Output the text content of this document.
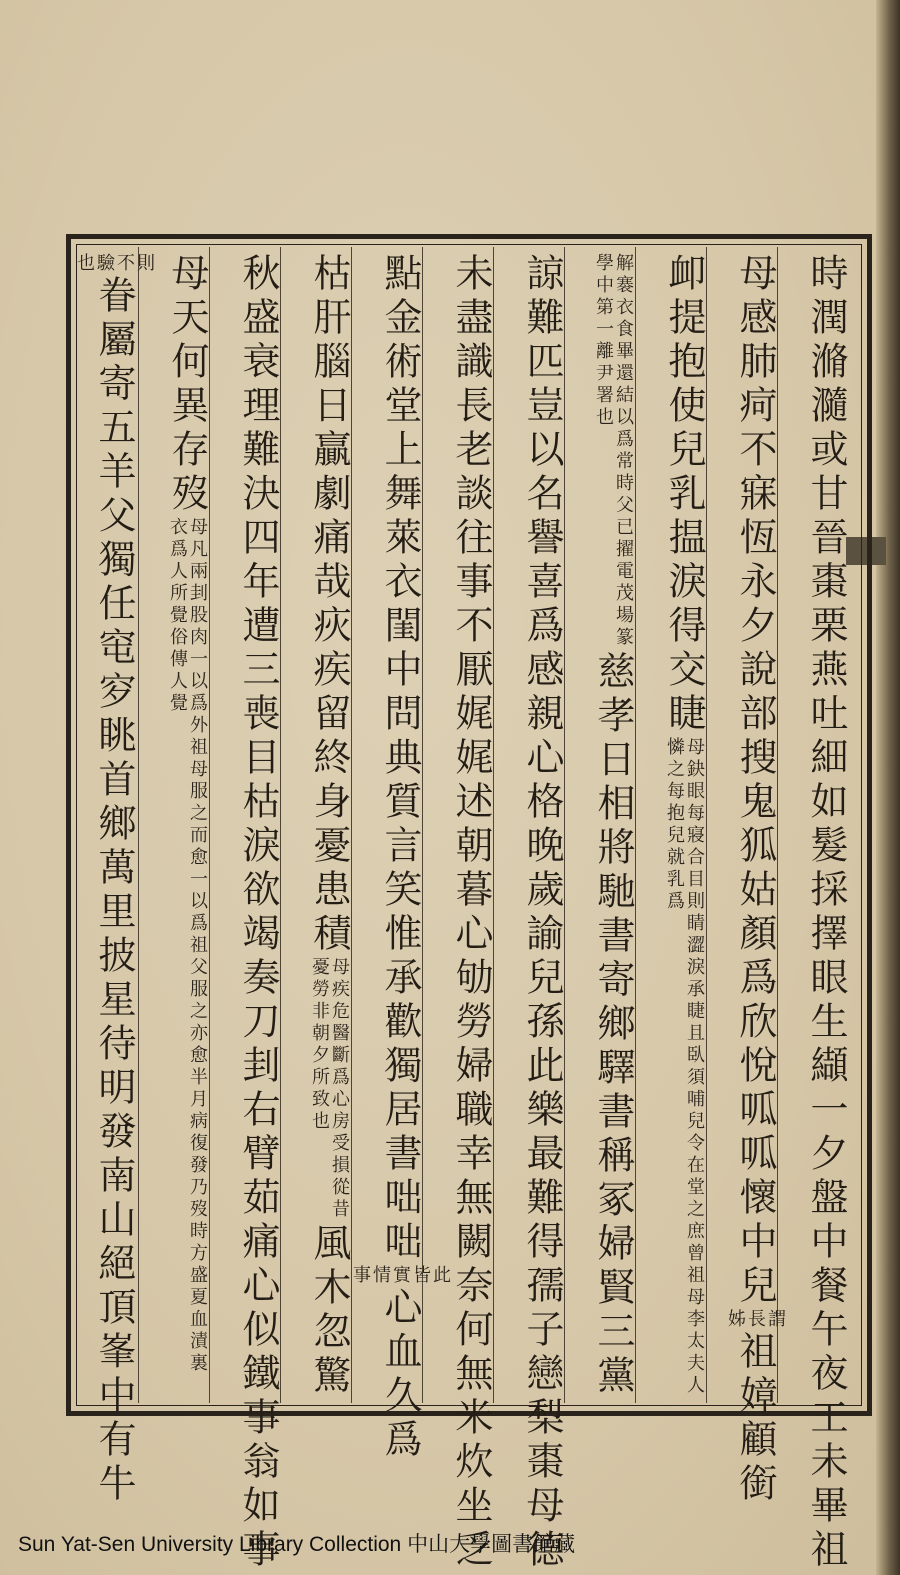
時潤滫瀡或甘晉棗栗燕吐細如髮採擇眼生纈一夕盤中餐午夜工未畢祖
母感肺疴不寐恆永夕說部搜鬼狐姑顏爲欣悅呱呱懷中兒
謂長姊
祖嫜顧銜
卹提抱使兒乳揾淚得交睫
母鈌眼每寢合目則睛澀淚承睫且臥須哺兒令在堂之庶曾祖母李太夫人憐之每抱兒就乳爲
解褰衣食畢還結以爲常時父已擢電茂場篆學中第一離尹署也
慈孝日相將馳書寄鄉驛書稱冢婦賢三黨
諒難匹豈以名譽喜爲感親心格晚歲諭兒孫此樂最難得孺子戀梨棗母德
未盡識長老談往事不厭娓娓述朝暮心劬勞婦職幸無闕奈何無米炊坐乏
點金術堂上舞萊衣閨中問典質言笑惟承歡獨居書咄咄
此皆實情事
心血久爲
枯肝腦日贏劇痛哉疢疾留終身憂患積
母疾危醫斷爲心房受損從昔憂勞非朝夕所致也
風木忽驚
秋盛衰理難決四年遭三喪目枯淚欲竭奏刀刲右臂茹痛心似鐵事翁如事
母天何異存歿
母凡兩刲股肉一以爲外祖母服之而愈一以爲祖父服之亦愈半月病復發乃歿時方盛夏血漬裏衣爲人所覺俗傳人覺
則不驗也
眷屬寄五羊父獨任窀穸眺首鄉萬里披星待明發南山絕頂峯中有牛
Sun Yat-Sen University Library Collection 中山大學圖書館藏
